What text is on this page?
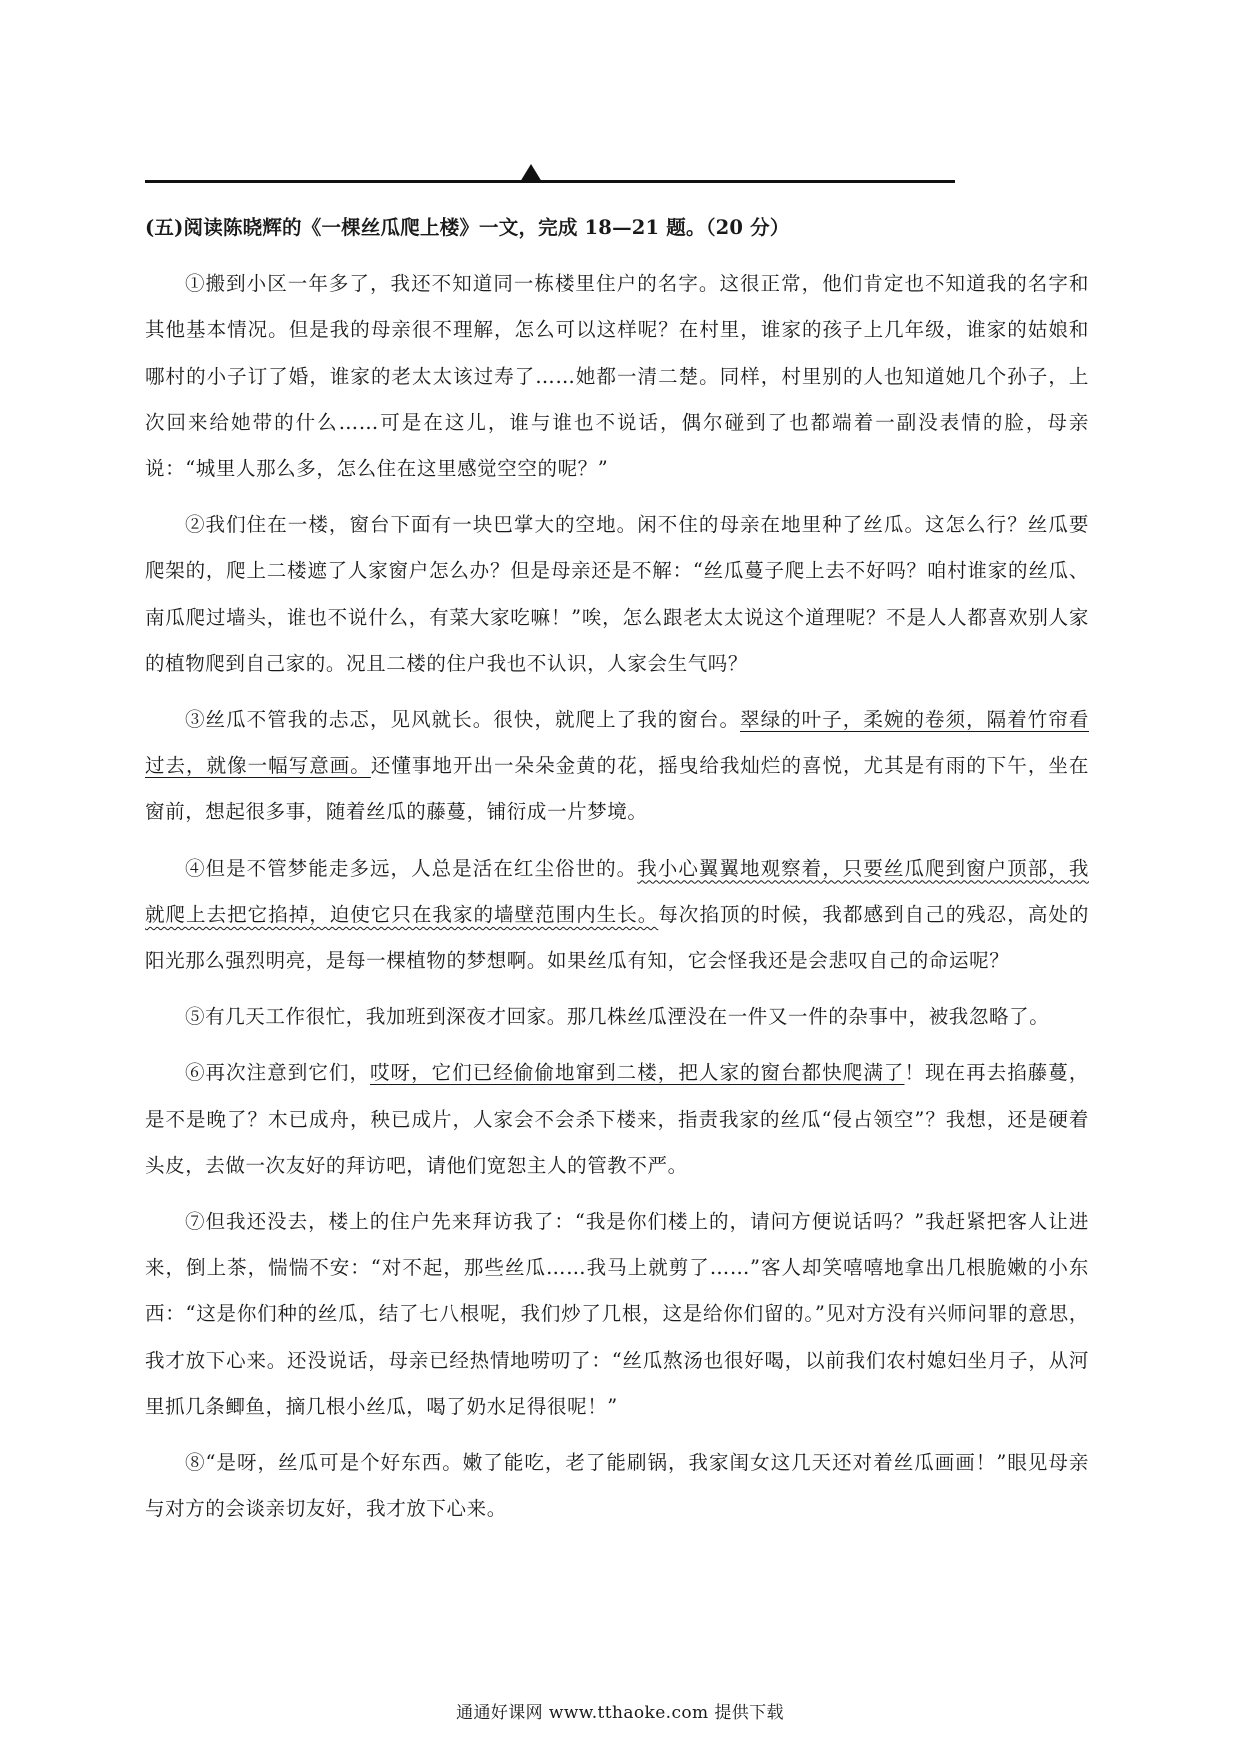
(五)阅读陈晓辉的《一棵丝瓜爬上楼》一文，完成 18—21 题。（20 分）

①搬到小区一年多了，我还不知道同一栋楼里住户的名字。这很正常，他们肯定也不知道我的名字和其他基本情况。但是我的母亲很不理解，怎么可以这样呢？在村里，谁家的孩子上几年级，谁家的姑娘和哪村的小子订了婚，谁家的老太太该过寿了……她都一清二楚。同样，村里别的人也知道她几个孙子，上次回来给她带的什么……可是在这儿，谁与谁也不说话，偶尔碰到了也都端着一副没表情的脸，母亲说：“城里人那么多，怎么住在这里感觉空空的呢？”

②我们住在一楼，窗台下面有一块巴掌大的空地。闲不住的母亲在地里种了丝瓜。这怎么行？丝瓜要爬架的，爬上二楼遮了人家窗户怎么办？但是母亲还是不解：“丝瓜蔓子爬上去不好吗？咱村谁家的丝瓜、南瓜爬过墙头，谁也不说什么，有菜大家吃嘛！”唉，怎么跟老太太说这个道理呢？不是人人都喜欢别人家的植物爬到自己家的。况且二楼的住户我也不认识，人家会生气吗？

③丝瓜不管我的忐忑，见风就长。很快，就爬上了我的窗台。翠绿的叶子，柔婉的卷须，隔着竹帘看过去，就像一幅写意画。还懂事地开出一朵朵金黄的花，摇曳给我灿烂的喜悦，尤其是有雨的下午，坐在窗前，想起很多事，随着丝瓜的藤蔓，铺衍成一片梦境。

④但是不管梦能走多远，人总是活在红尘俗世的。我小心翼翼地观察着，只要丝瓜爬到窗户顶部，我就爬上去把它掐掉，迫使它只在我家的墙壁范围内生长。每次掐顶的时候，我都感到自己的残忍，高处的阳光那么强烈明亮，是每一棵植物的梦想啊。如果丝瓜有知，它会怪我还是会悲叹自己的命运呢？

⑤有几天工作很忙，我加班到深夜才回家。那几株丝瓜湮没在一件又一件的杂事中，被我忽略了。

⑥再次注意到它们，哎呀，它们已经偷偷地窜到二楼，把人家的窗台都快爬满了！现在再去掐藤蔓，是不是晚了？木已成舟，秧已成片，人家会不会杀下楼来，指责我家的丝瓜“侵占领空”？我想，还是硬着头皮，去做一次友好的拜访吧，请他们宽恕主人的管教不严。

⑦但我还没去，楼上的住户先来拜访我了：“我是你们楼上的，请问方便说话吗？”我赶紧把客人让进来，倒上茶，惴惴不安：“对不起，那些丝瓜……我马上就剪了……”客人却笑嘻嘻地拿出几根脆嫩的小东西：“这是你们种的丝瓜，结了七八根呢，我们炒了几根，这是给你们留的。”见对方没有兴师问罪的意思，我才放下心来。还没说话，母亲已经热情地唠叨了：“丝瓜熬汤也很好喝，以前我们农村媳妇坐月子，从河里抓几条鲫鱼，摘几根小丝瓜，喝了奶水足得很呢！”

⑧“是呀，丝瓜可是个好东西。嫩了能吃，老了能刷锅，我家闺女这几天还对着丝瓜画画！”眼见母亲与对方的会谈亲切友好，我才放下心来。

通通好课网 www.tthaoke.com 提供下载
